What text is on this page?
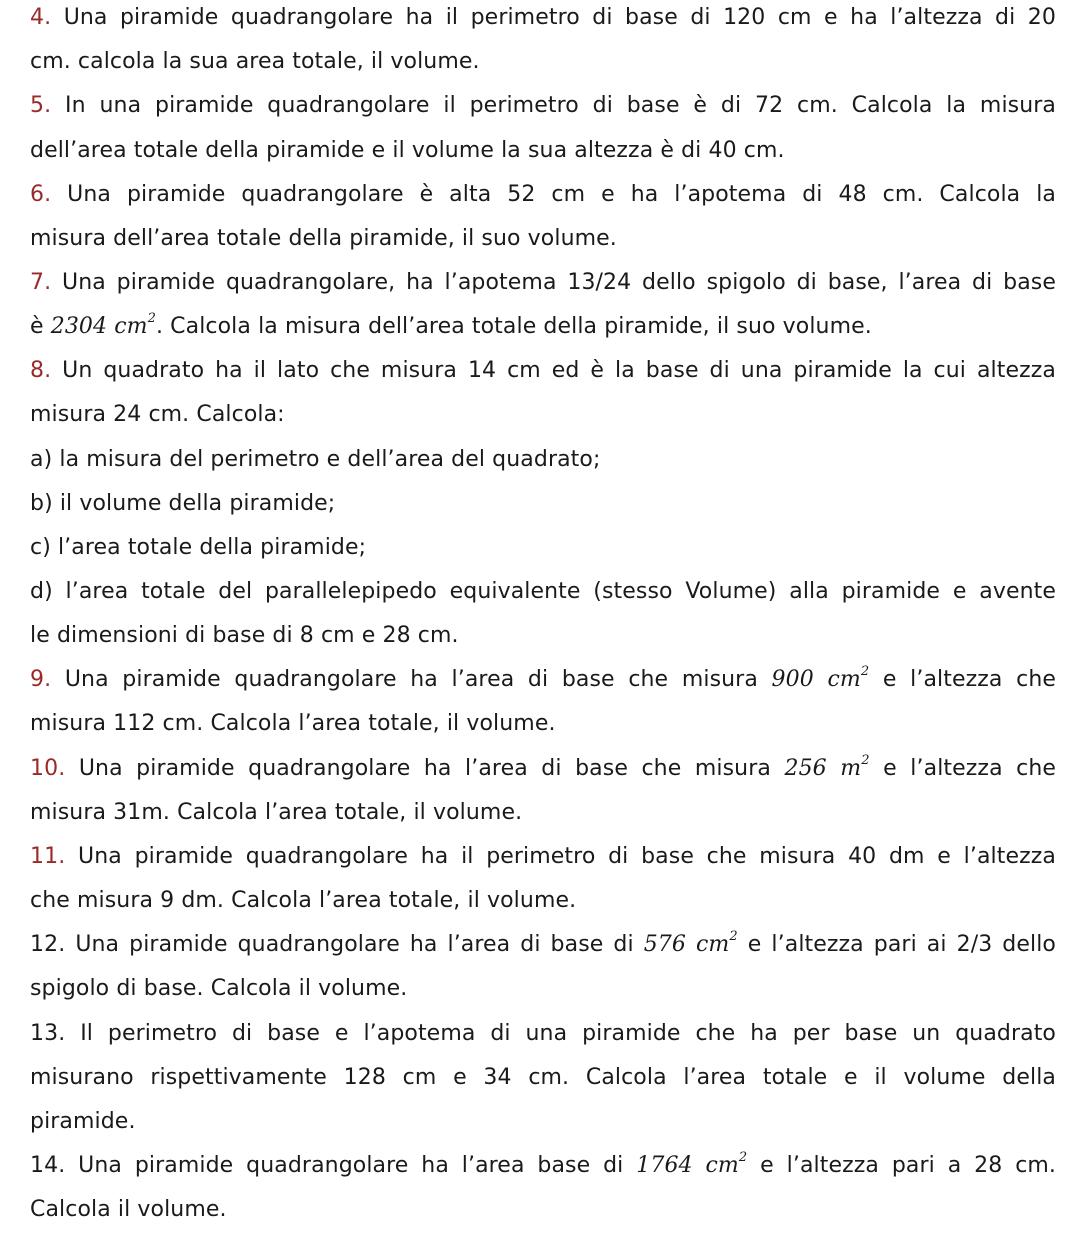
4. Una piramide quadrangolare ha il perimetro di base di 120 cm e ha l’altezza di 20
cm. calcola la sua area totale, il volume.
5. In una piramide quadrangolare il perimetro di base è di 72 cm. Calcola la misura
dell’area totale della piramide e il volume la sua altezza è di 40 cm.
6. Una piramide quadrangolare è alta 52 cm e ha l’apotema di 48 cm. Calcola la
misura dell’area totale della piramide, il suo volume.
7. Una piramide quadrangolare, ha l’apotema 13/24 dello spigolo di base, l’area di base
è 2304 $cm^2$. Calcola la misura dell’area totale della piramide, il suo volume.
8. Un quadrato ha il lato che misura 14 cm ed è la base di una piramide la cui altezza
misura 24 cm. Calcola:
a) la misura del perimetro e dell’area del quadrato;
b) il volume della piramide;
c) l’area totale della piramide;
d) l’area totale del parallelepipedo equivalente (stesso Volume) alla piramide e avente
le dimensioni di base di 8 cm e 28 cm.
9. Una piramide quadrangolare ha l’area di base che misura 900 $cm^2$ e l’altezza che
misura 112 cm. Calcola l’area totale, il volume.
10. Una piramide quadrangolare ha l’area di base che misura 256 $m^2$ e l’altezza che
misura 31m. Calcola l’area totale, il volume.
11. Una piramide quadrangolare ha il perimetro di base che misura 40 dm e l’altezza
che misura 9 dm. Calcola l’area totale, il volume.
12. Una piramide quadrangolare ha l’area di base di 576 $cm^2$ e l’altezza pari ai 2/3 dello
spigolo di base. Calcola il volume.
13. Il perimetro di base e l’apotema di una piramide che ha per base un quadrato
misurano rispettivamente 128 cm e 34 cm. Calcola l’area totale e il volume della
piramide.
14. Una piramide quadrangolare ha l’area base di 1764 $cm^2$ e l’altezza pari a 28 cm.
Calcola il volume.
